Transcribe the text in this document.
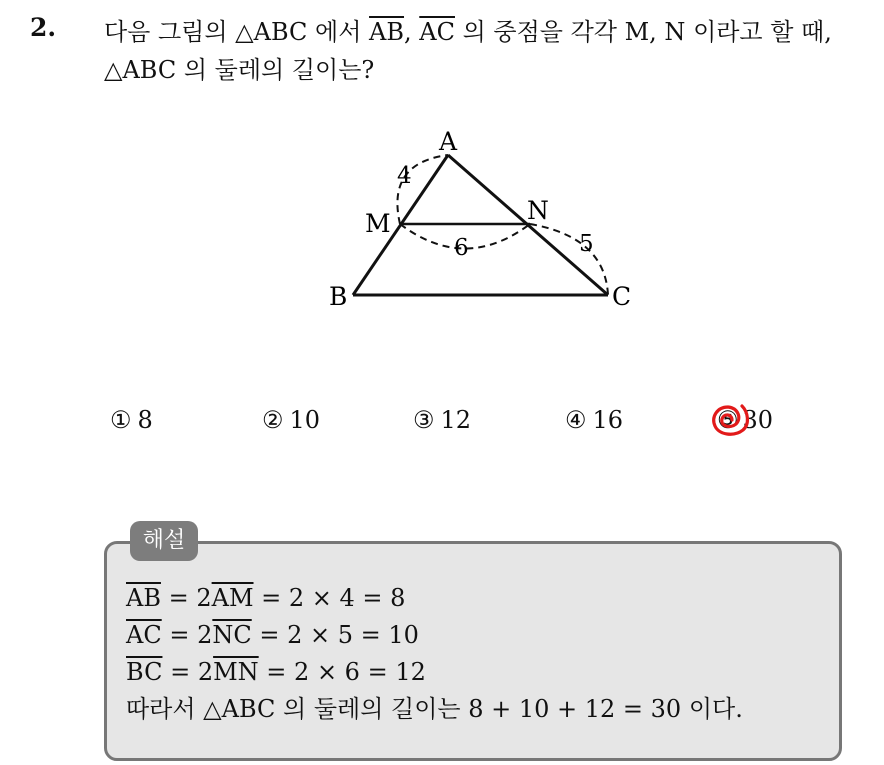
2. 다음 그림의 △ABC 에서 $\overline{AB}$, $\overline{AC}$ 의 중점을 각각 M, N 이라고 할 때,
△ABC 의 둘레의 길이는?
A
B	C
M	N
4
6	5
① 8	② 10	③ 12	④ 16	⑤ 30
해설
$\overline{AB} = 2\overline{AM} = 2 \times 4 = 8$
$\overline{AC} = 2\overline{NC} = 2 \times 5 = 10$
$\overline{BC} = 2\overline{MN} = 2 \times 6 = 12$
따라서 △ABC 의 둘레의 길이는 8 + 10 + 12 = 30 이다.
